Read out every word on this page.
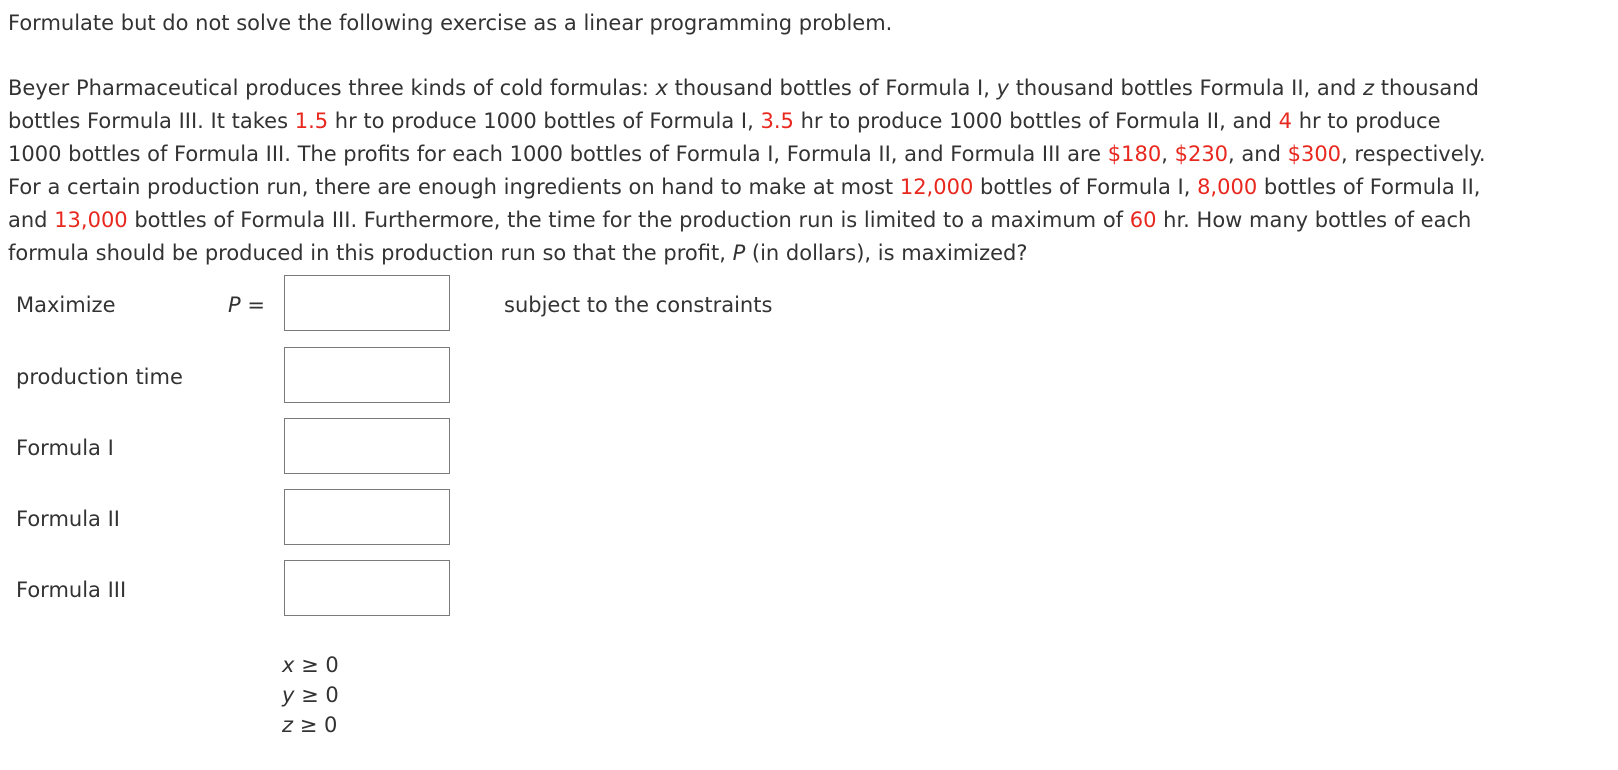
Formulate but do not solve the following exercise as a linear programming problem.

Beyer Pharmaceutical produces three kinds of cold formulas: x thousand bottles of Formula I, y thousand bottles Formula II, and z thousand

bottles Formula III. It takes 1.5 hr to produce 1000 bottles of Formula I, 3.5 hr to produce 1000 bottles of Formula II, and 4 hr to produce

1000 bottles of Formula III. The profits for each 1000 bottles of Formula I, Formula II, and Formula III are $180, $230, and $300, respectively.

For a certain production run, there are enough ingredients on hand to make at most 12,000 bottles of Formula I, 8,000 bottles of Formula II,

and 13,000 bottles of Formula III. Furthermore, the time for the production run is limited to a maximum of 60 hr. How many bottles of each

formula should be produced in this production run so that the profit, P (in dollars), is maximized?

Maximize	P =	subject to the constraints
production time
Formula I
Formula II
Formula III
x ≥ 0
y ≥ 0
z ≥ 0
